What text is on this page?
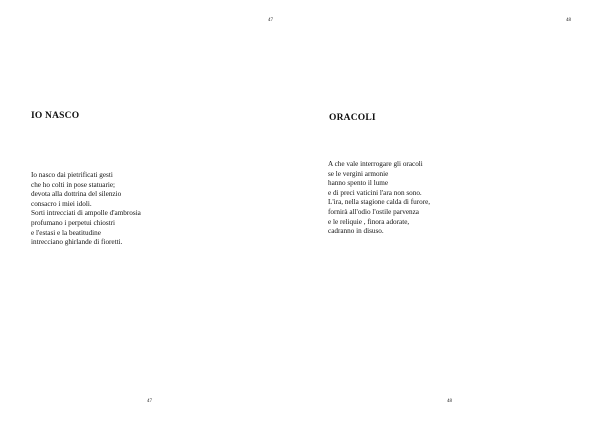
47
IO NASCO
Io nasco dai pietrificati gesti
che ho colti in pose statuarie;
devota alla dottrina del silenzio
consacro i miei idoli.
Sorti intrecciati di ampolle d'ambrosia
profumano i perpetui chiostri
e l'estasi e la beatitudine
intrecciano ghirlande di fioretti.
47
48
ORACOLI
A che vale interrogare gli oracoli
se le vergini armonie
hanno spento il lume
e di preci vaticini l'ara non sono.
L'ira, nella stagione calda di furore,
fornirà all'odio l'ostile parvenza
e le reliquie , finora adorate,
cadranno in disuso.
48
